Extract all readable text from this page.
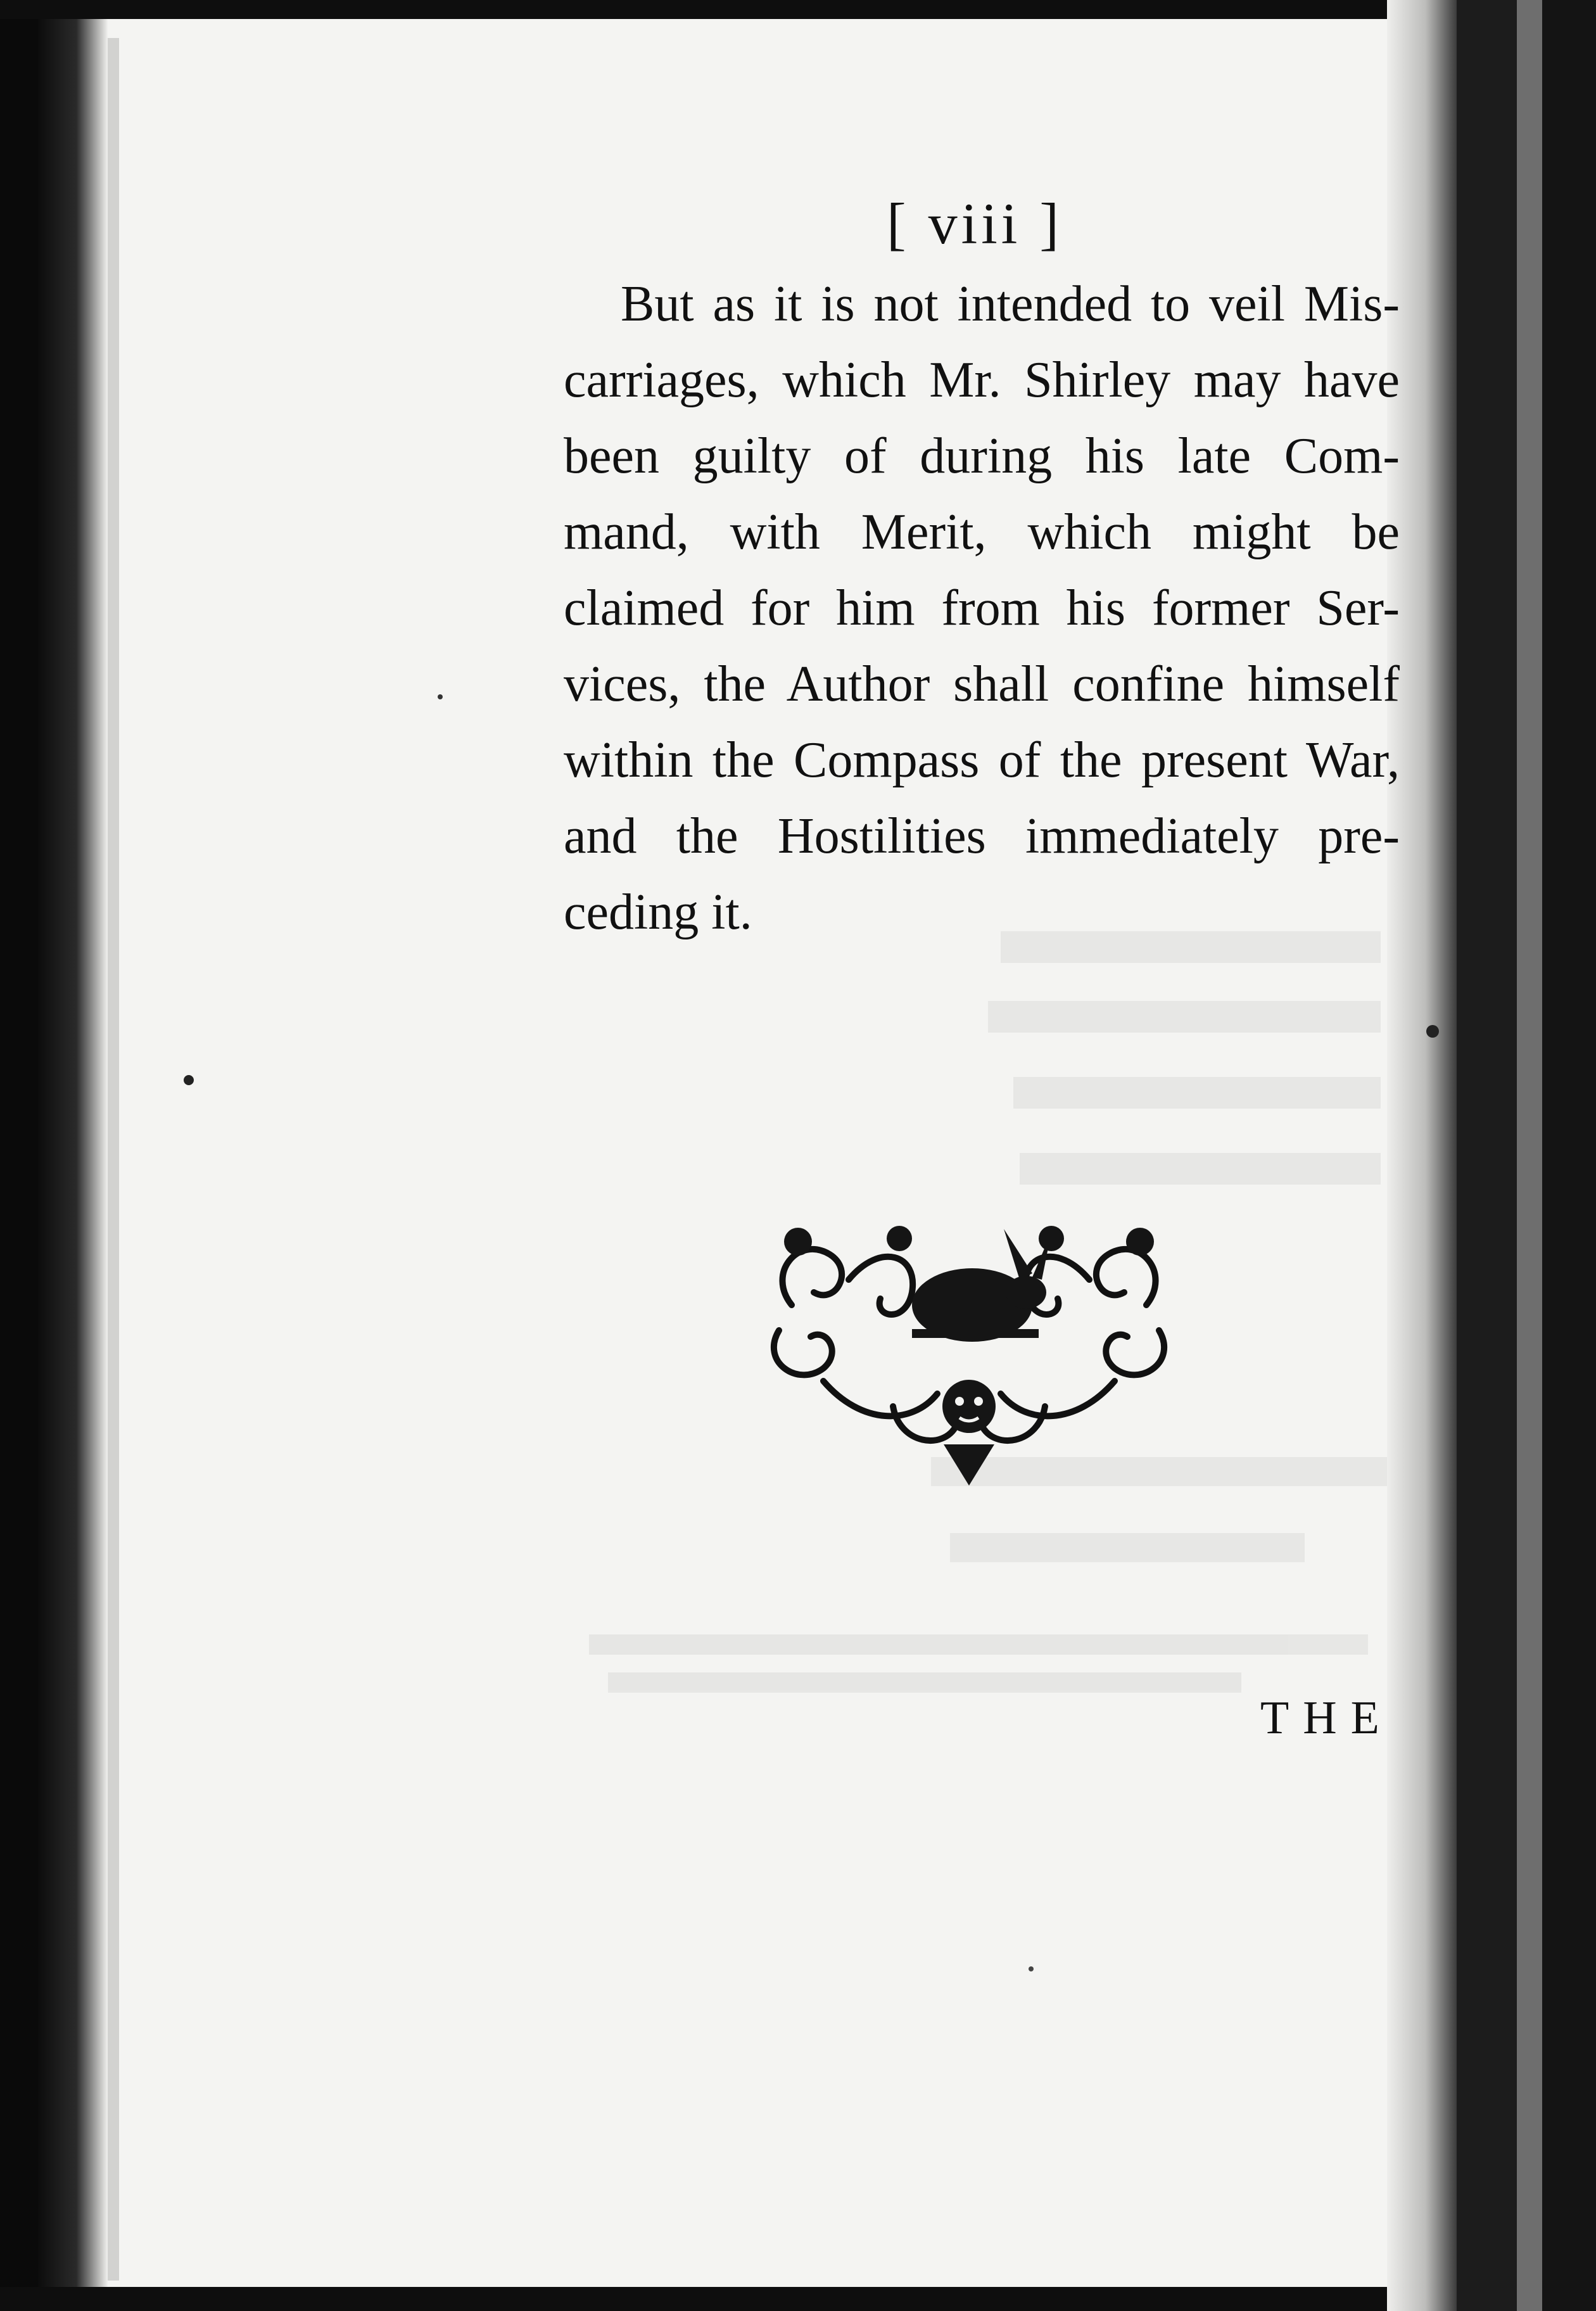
[ viii ]
But as it is not intended to veil Mis-
carriages, which Mr. Shirley may have
been guilty of during his late Com-
mand, with Merit, which might be
claimed for him from his former Ser-
vices, the Author shall confine himself
within the Compass of the present War,
and the Hostilities immediately pre-
ceding it.
THE
